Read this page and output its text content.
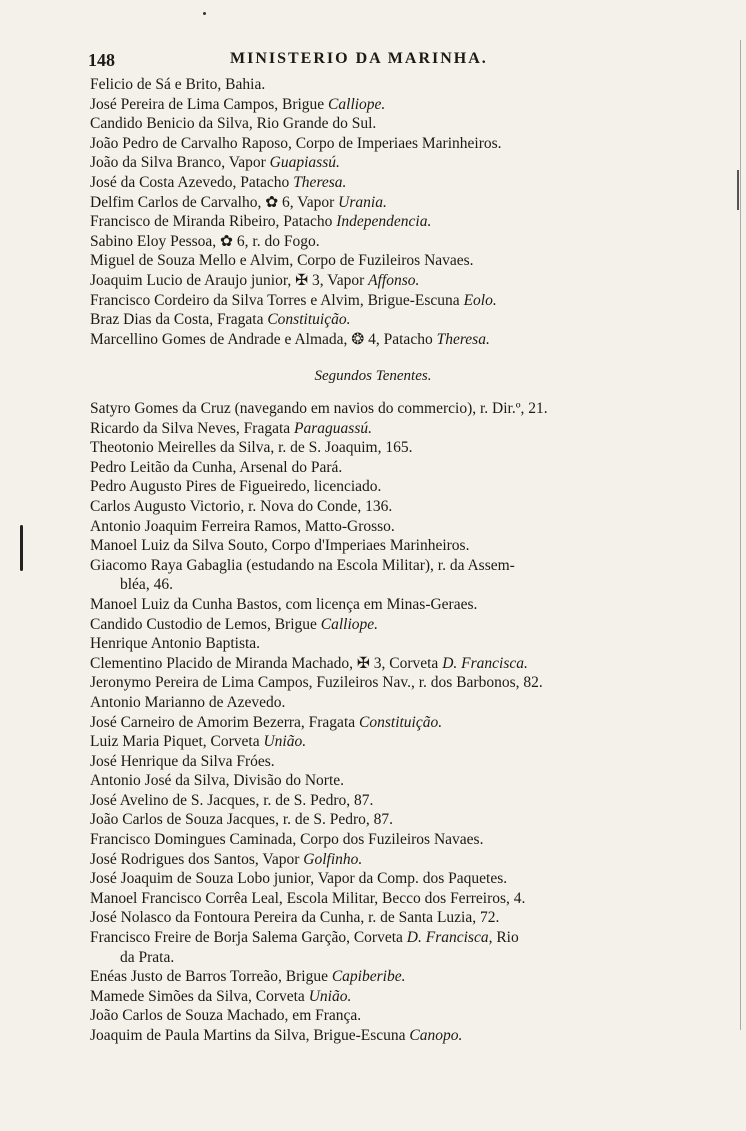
148	MINISTERIO DA MARINHA.
Felicio de Sá e Brito, Bahia.
José Pereira de Lima Campos, Brigue Calliope.
Candido Benicio da Silva, Rio Grande do Sul.
João Pedro de Carvalho Raposo, Corpo de Imperiaes Marinheiros.
João da Silva Branco, Vapor Guapiassú.
José da Costa Azevedo, Patacho Theresa.
Delfim Carlos de Carvalho, ✿ 6, Vapor Urania.
Francisco de Miranda Ribeiro, Patacho Independencia.
Sabino Eloy Pessoa, ✿ 6, r. do Fogo.
Miguel de Souza Mello e Alvim, Corpo de Fuzileiros Navaes.
Joaquim Lucio de Araujo junior, ✠ 3, Vapor Affonso.
Francisco Cordeiro da Silva Torres e Alvim, Brigue-Escuna Eolo.
Braz Dias da Costa, Fragata Constituição.
Marcellino Gomes de Andrade e Almada, ❂ 4, Patacho Theresa.
Segundos Tenentes.
Satyro Gomes da Cruz (navegando em navios do commercio), r. Dir.º, 21.
Ricardo da Silva Neves, Fragata Paraguassú.
Theotonio Meirelles da Silva, r. de S. Joaquim, 165.
Pedro Leitão da Cunha, Arsenal do Pará.
Pedro Augusto Pires de Figueiredo, licenciado.
Carlos Augusto Victorio, r. Nova do Conde, 136.
Antonio Joaquim Ferreira Ramos, Matto-Grosso.
Manoel Luiz da Silva Souto, Corpo d'Imperiaes Marinheiros.
Giacomo Raya Gabaglia (estudando na Escola Militar), r. da Assem-
bléa, 46.
Manoel Luiz da Cunha Bastos, com licença em Minas-Geraes.
Candido Custodio de Lemos, Brigue Calliope.
Henrique Antonio Baptista.
Clementino Placido de Miranda Machado, ✠ 3, Corveta D. Francisca.
Jeronymo Pereira de Lima Campos, Fuzileiros Nav., r. dos Barbonos, 82.
Antonio Marianno de Azevedo.
José Carneiro de Amorim Bezerra, Fragata Constituição.
Luiz Maria Piquet, Corveta União.
José Henrique da Silva Fróes.
Antonio José da Silva, Divisão do Norte.
José Avelino de S. Jacques, r. de S. Pedro, 87.
João Carlos de Souza Jacques, r. de S. Pedro, 87.
Francisco Domingues Caminada, Corpo dos Fuzileiros Navaes.
José Rodrigues dos Santos, Vapor Golfinho.
José Joaquim de Souza Lobo junior, Vapor da Comp. dos Paquetes.
Manoel Francisco Corrêa Leal, Escola Militar, Becco dos Ferreiros, 4.
José Nolasco da Fontoura Pereira da Cunha, r. de Santa Luzia, 72.
Francisco Freire de Borja Salema Garção, Corveta D. Francisca, Rio
da Prata.
Enéas Justo de Barros Torreão, Brigue Capiberibe.
Mamede Simões da Silva, Corveta União.
João Carlos de Souza Machado, em França.
Joaquim de Paula Martins da Silva, Brigue-Escuna Canopo.
